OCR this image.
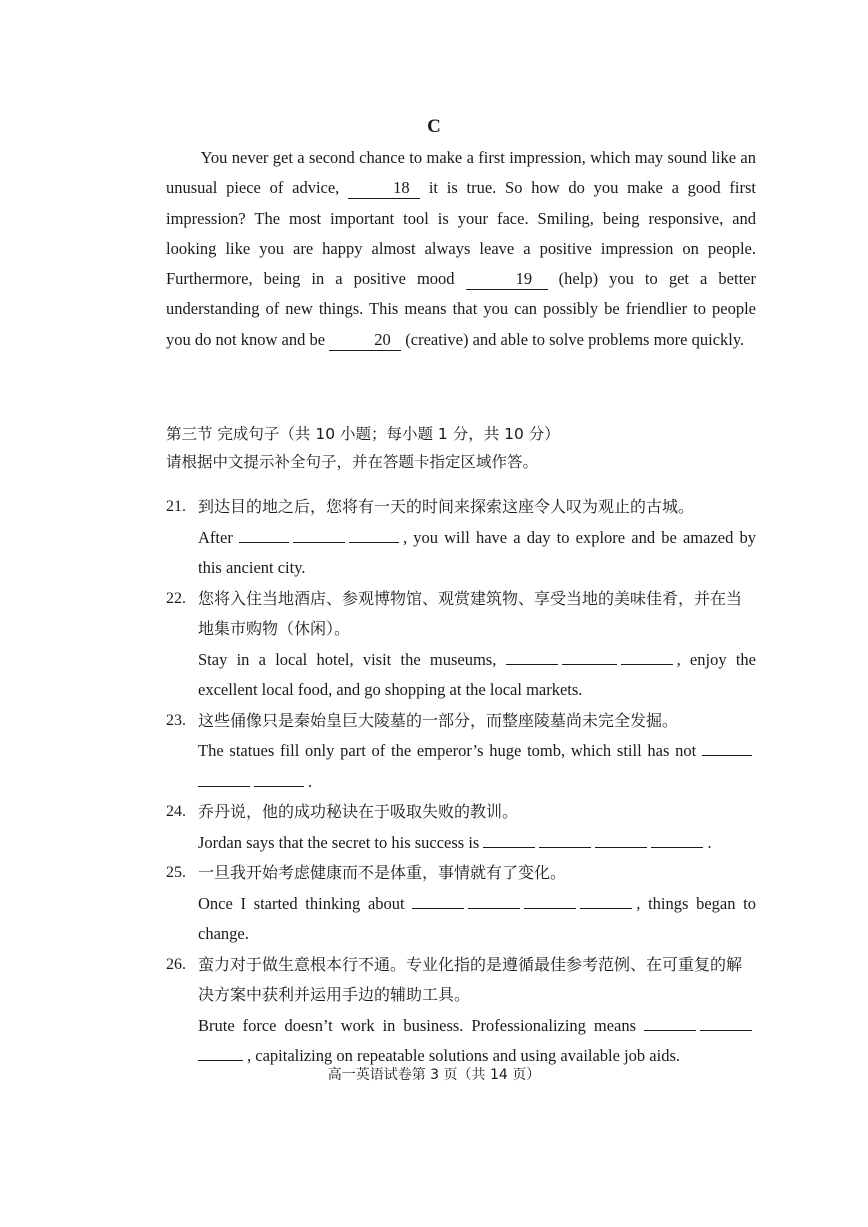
C

You never get a second chance to make a first impression, which may sound like an unusual piece of advice,	18 it is true. So how do you make a good first impression? The most important tool is your face. Smiling, being responsive, and looking like you are happy almost always leave a positive impression on people. Furthermore, being in a positive mood	19 (help) you to get a better understanding of new things. This means that you can possibly be friendlier to people you do not know and be	20 (creative) and able to solve problems more quickly.

第三节 完成句子（共 10 小题；每小题 1 分，共 10 分）
请根据中文提示补全句子，并在答题卡指定区域作答。
21. 到达目的地之后，您将有一天的时间来探索这座令人叹为观止的古城。
After	, you will have a day to explore and be amazed by this ancient city.
22. 您将入住当地酒店、参观博物馆、观赏建筑物、享受当地的美味佳肴，并在当地集市购物（休闲）。
Stay in a local hotel, visit the museums,	, enjoy the excellent local food, and go shopping at the local markets.
23. 这些俑像只是秦始皇巨大陵墓的一部分，而整座陵墓尚未完全发掘。
The statues fill only part of the emperor’s huge tomb, which still has not .
24. 乔丹说，他的成功秘诀在于吸取失败的教训。
Jordan says that the secret to his success is	.
25. 一旦我开始考虑健康而不是体重，事情就有了变化。
Once I started thinking about	, things began to change.
26. 蛮力对于做生意根本行不通。专业化指的是遵循最佳参考范例、在可重复的解决方案中获利并运用手边的辅助工具。
Brute force doesn’t work in business. Professionalizing means , capitalizing on repeatable solutions and using available job aids.
高一英语试卷第 3 页（共 14 页）
